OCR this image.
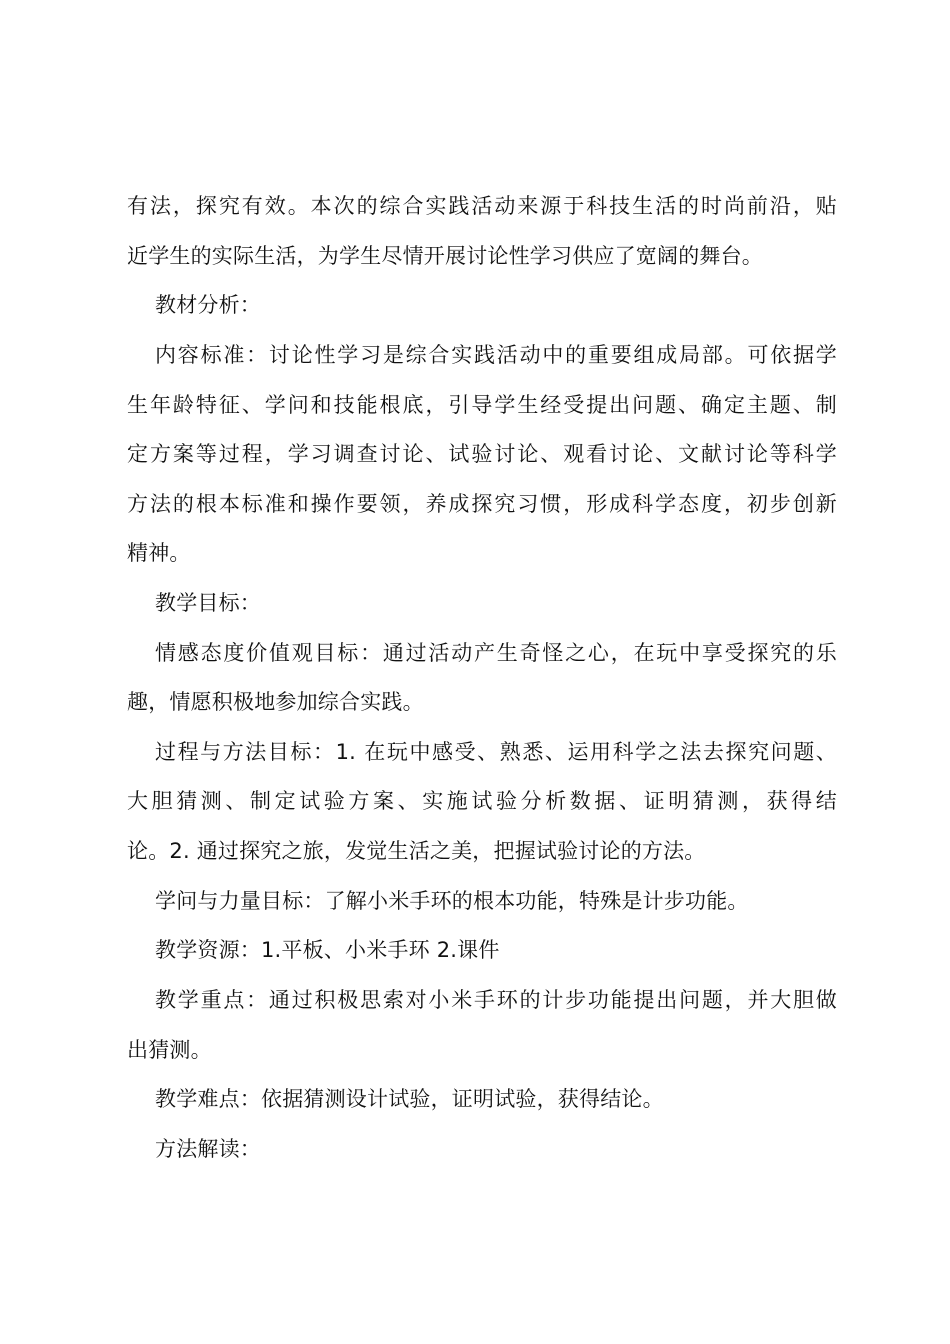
有法，探究有效。本次的综合实践活动来源于科技生活的时尚前沿，贴
近学生的实际生活，为学生尽情开展讨论性学习供应了宽阔的舞台。
教材分析：
内容标准：讨论性学习是综合实践活动中的重要组成局部。可依据学
生年龄特征、学问和技能根底，引导学生经受提出问题、确定主题、制
定方案等过程，学习调查讨论、试验讨论、观看讨论、文献讨论等科学
方法的根本标准和操作要领，养成探究习惯，形成科学态度，初步创新
精神。
教学目标：
情感态度价值观目标：通过活动产生奇怪之心，在玩中享受探究的乐
趣，情愿积极地参加综合实践。
过程与方法目标：1. 在玩中感受、熟悉、运用科学之法去探究问题、
大胆猜测、制定试验方案、实施试验分析数据、证明猜测，获得结
论。2. 通过探究之旅，发觉生活之美，把握试验讨论的方法。
学问与力量目标：了解小米手环的根本功能，特殊是计步功能。
教学资源：1.平板、小米手环 2.课件
教学重点：通过积极思索对小米手环的计步功能提出问题，并大胆做
出猜测。
教学难点：依据猜测设计试验，证明试验，获得结论。
方法解读：
